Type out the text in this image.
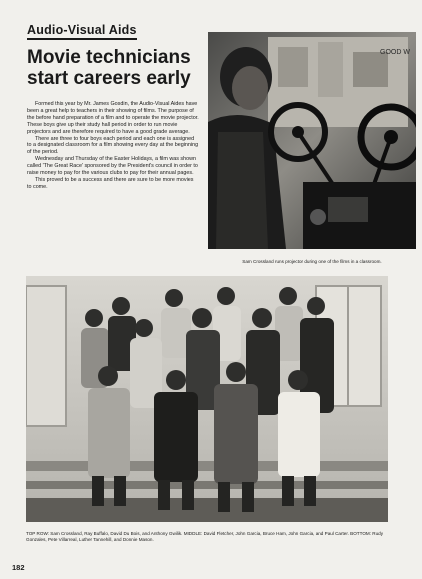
Audio-Visual Aids
Movie technicians
start careers early

Formed this year by Mr. James Gosdin, the Audio-Visual Aides have been a great help to teachers in their showing of films. The purpose of the before hand preparation of a film and to operate the movie projector. These boys give up their study hall period in order to run movie projectors and are therefore required to have a good grade average.

There are three to four boys each period and each one is assigned to a designated classroom for a film showing every day at the beginning of the period.

Wednesday and Thursday of the Easter Holidays, a film was shown called 'The Great Race' sponsored by the President's council in order to raise money to pay for the various clubs to pay for their annual pages.

This proved to be a success and there are sure to be more movies to come.

GOOD W
Sam Crossland runs projector during one of the films in a classroom.
TOP ROW: Sam Crossland, Ray Buffalo, David Du Bois, and Anthony Gwilik. MIDDLE: David Fletcher, John Garcia, Bruce Ham, John Garcia, and Paul Carter. BOTTOM: Rudy Gonzales, Pete Villarreal, Luther Tannehill, and Donnie Mason.
182
